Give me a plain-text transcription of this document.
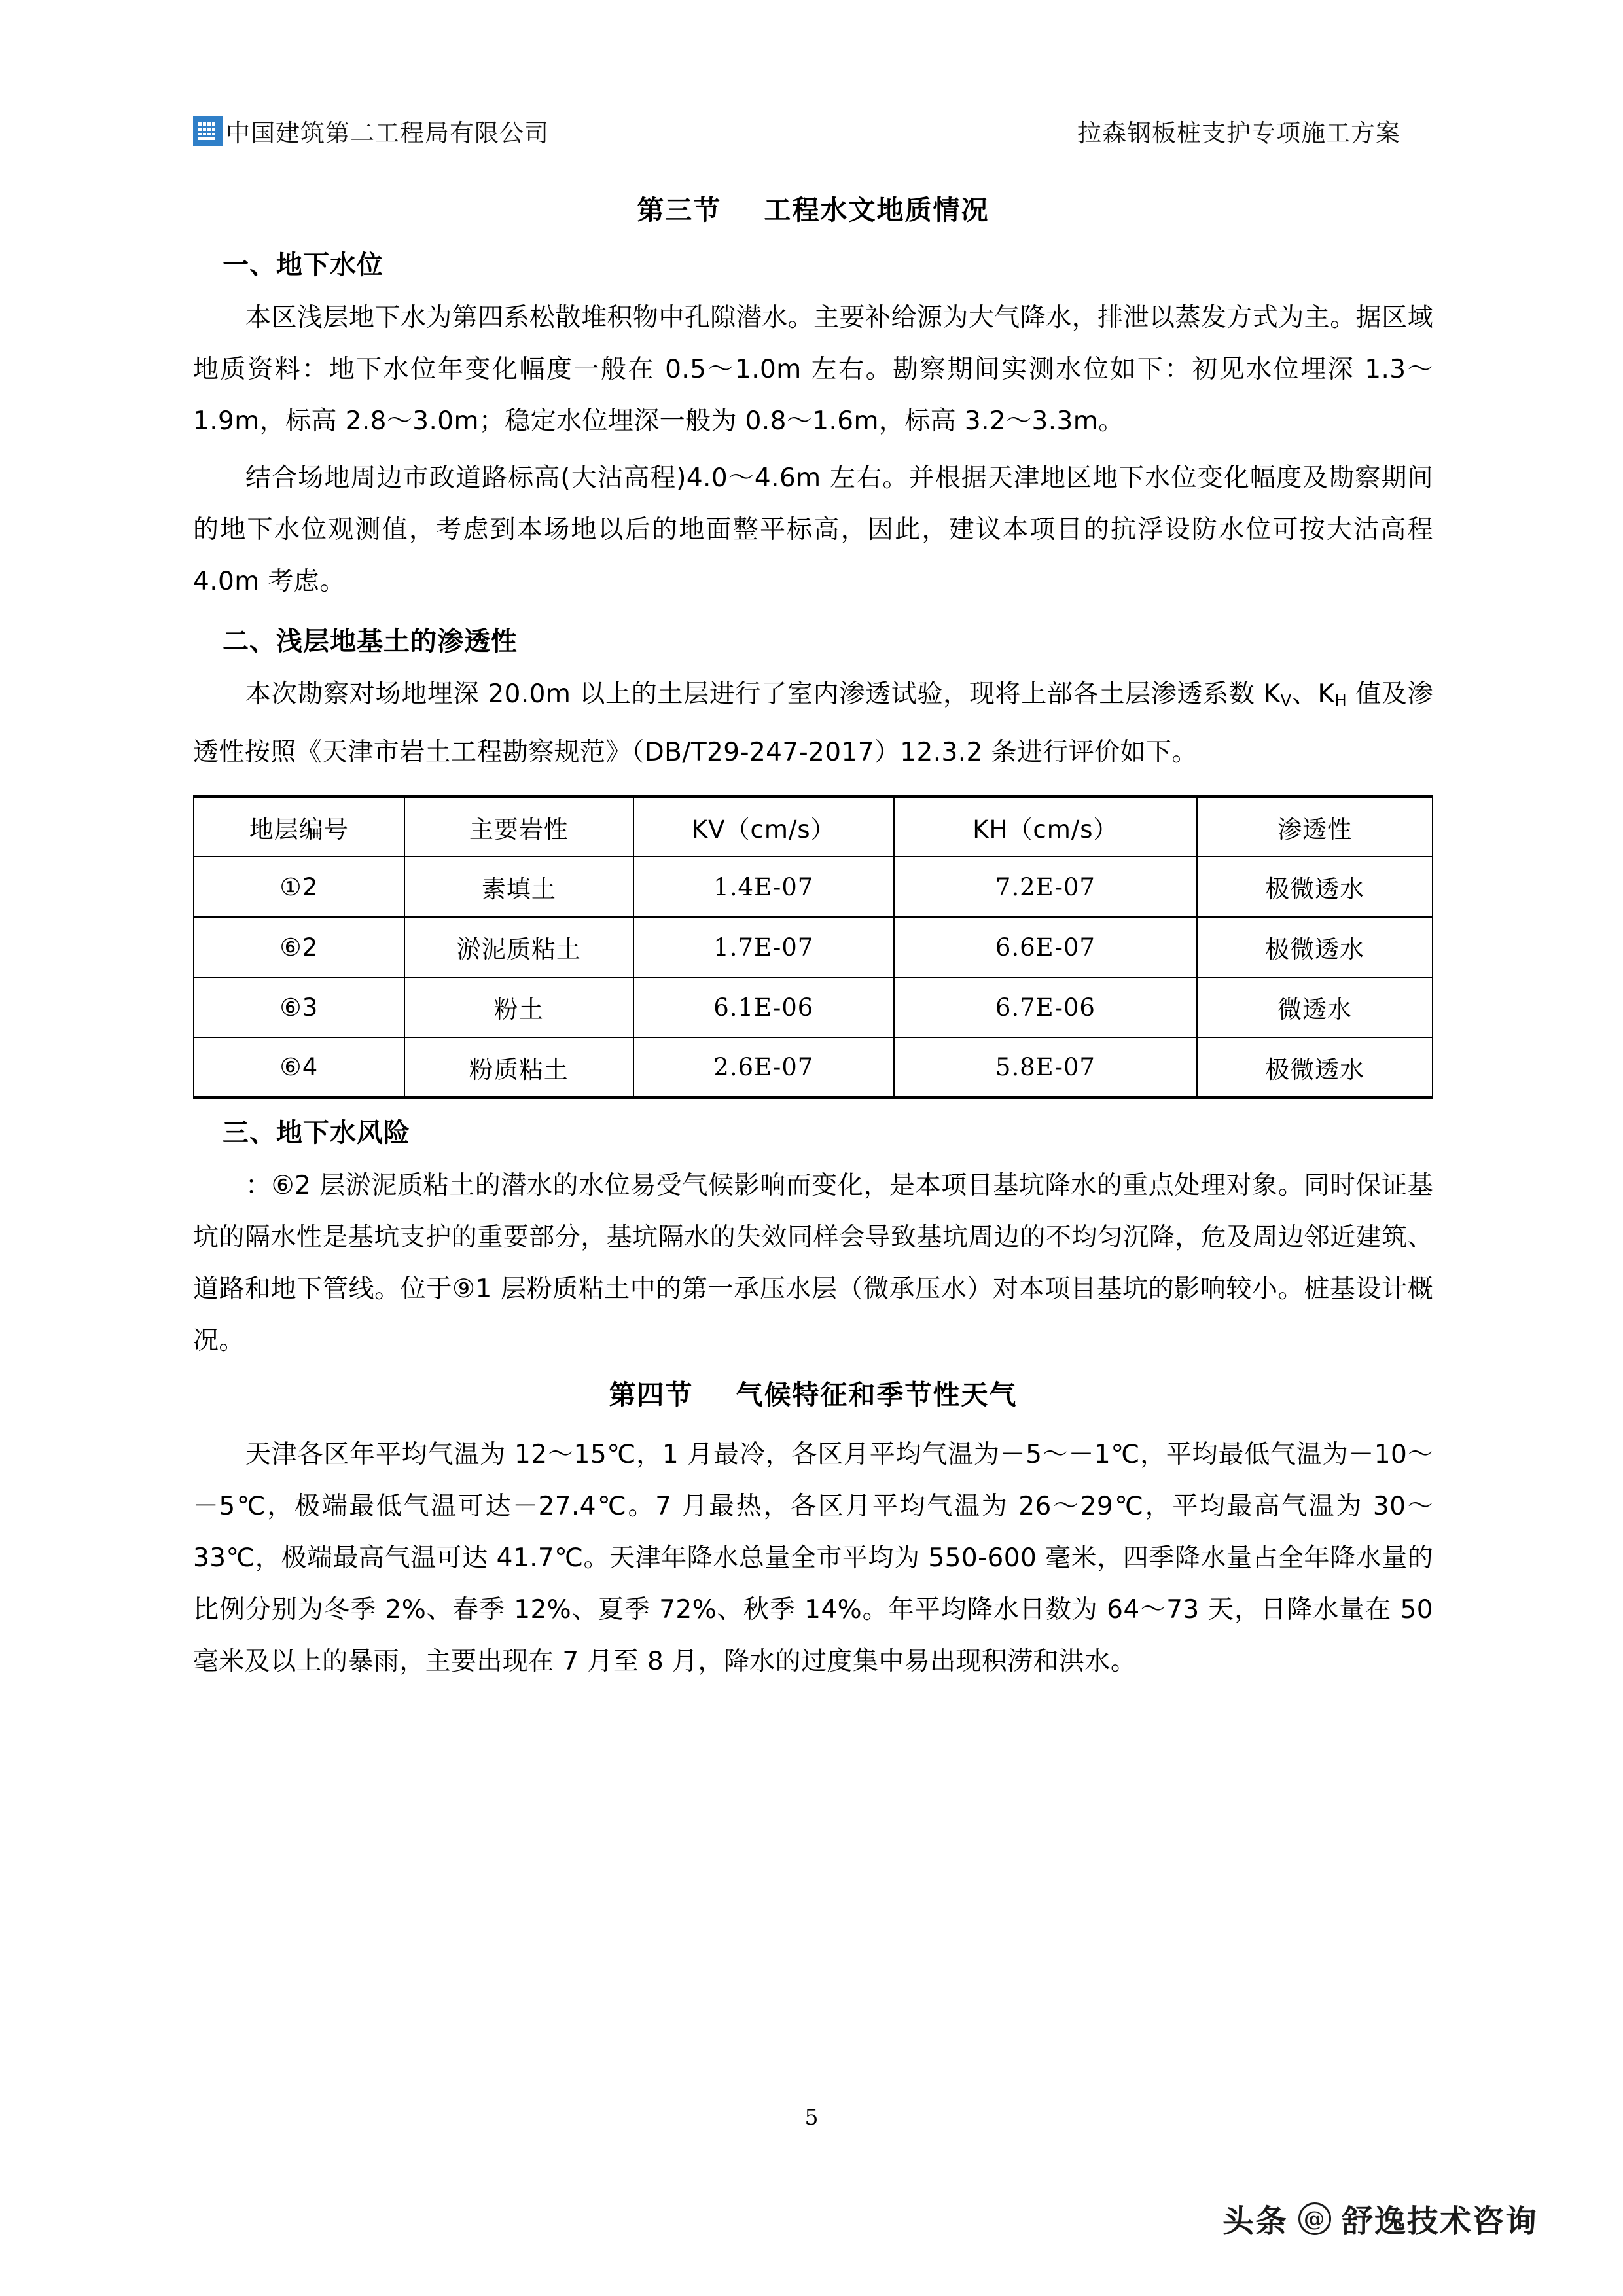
中国建筑第二工程局有限公司	拉森钢板桩支护专项施工方案
第三节    工程水文地质情况
一、地下水位

本区浅层地下水为第四系松散堆积物中孔隙潜水。主要补给源为大气降水，排泄以蒸发方式为主。据区域地质资料：地下水位年变化幅度一般在 0.5～1.0m 左右。勘察期间实测水位如下：初见水位埋深 1.3～1.9m，标高 2.8～3.0m；稳定水位埋深一般为 0.8～1.6m，标高 3.2～3.3m。

结合场地周边市政道路标高(大沽高程)4.0～4.6m 左右。并根据天津地区地下水位变化幅度及勘察期间的地下水位观测值，考虑到本场地以后的地面整平标高，因此，建议本项目的抗浮设防水位可按大沽高程 4.0m 考虑。

二、浅层地基土的渗透性

本次勘察对场地埋深 20.0m 以上的土层进行了室内渗透试验，现将上部各土层渗透系数 $K_V$、$K_H$ 值及渗透性按照《天津市岩土工程勘察规范》（DB/T29-247-2017）12.3.2 条进行评价如下。

地层编号	主要岩性	KV（cm/s）	KH（cm/s）	渗透性
①2	素填土	1.4E-07	7.2E-07	极微透水
⑥2	淤泥质粘土	1.7E-07	6.6E-07	极微透水
⑥3	粉土	6.1E-06	6.7E-06	微透水
⑥4	粉质粘土	2.6E-07	5.8E-07	极微透水
三、地下水风险

：⑥2 层淤泥质粘土的潜水的水位易受气候影响而变化，是本项目基坑降水的重点处理对象。同时保证基坑的隔水性是基坑支护的重要部分，基坑隔水的失效同样会导致基坑周边的不均匀沉降，危及周边邻近建筑、道路和地下管线。位于⑨1 层粉质粘土中的第一承压水层（微承压水）对本项目基坑的影响较小。桩基设计概况。

第四节    气候特征和季节性天气

天津各区年平均气温为 12～15℃，1 月最冷，各区月平均气温为－5～－1℃，平均最低气温为－10～－5℃，极端最低气温可达－27.4℃。7 月最热，各区月平均气温为 26～29℃，平均最高气温为 30～33℃，极端最高气温可达 41.7℃。天津年降水总量全市平均为 550-600 毫米，四季降水量占全年降水量的比例分别为冬季 2%、春季 12%、夏季 72%、秋季 14%。年平均降水日数为 64～73 天，日降水量在 50 毫米及以上的暴雨，主要出现在 7 月至 8 月，降水的过度集中易出现积涝和洪水。

5
头条 @ 舒逸技术咨询
